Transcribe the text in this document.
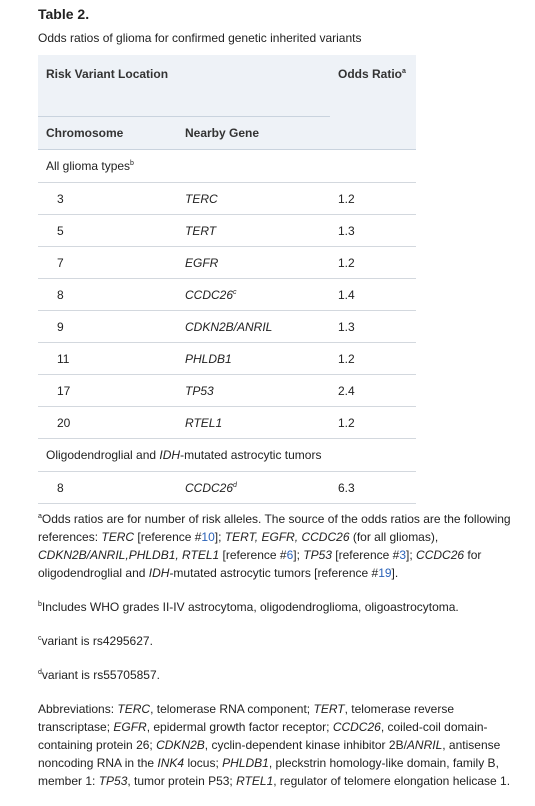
Table 2.
Odds ratios of glioma for confirmed genetic inherited variants
Risk Variant Location	Odds Ratio$^a$
Chromosome	Nearby Gene
All glioma types$^b$
3	TERC	1.2
5	TERT	1.3
7	EGFR	1.2
8	CCDC26$^c$	1.4
9	CDKN2B/ANRIL	1.3
11	PHLDB1	1.2
17	TP53	2.4
20	RTEL1	1.2
Oligodendroglial and IDH-mutated astrocytic tumors
8	CCDC26$^d$	6.3

$^a$Odds ratios are for number of risk alleles. The source of the odds ratios are the following references: TERC [reference #10]; TERT, EGFR, CCDC26 (for all gliomas), CDKN2B/ANRIL,PHLDB1, RTEL1 [reference #6]; TP53 [reference #3]; CCDC26 for oligodendroglial and IDH-mutated astrocytic tumors [reference #19].

$^b$Includes WHO grades II-IV astrocytoma, oligodendroglioma, oligoastrocytoma.

$^c$variant is rs4295627.

$^d$variant is rs55705857.

Abbreviations: TERC, telomerase RNA component; TERT, telomerase reverse transcriptase; EGFR, epidermal growth factor receptor; CCDC26, coiled-coil domain-containing protein 26; CDKN2B, cyclin-dependent kinase inhibitor 2B/ANRIL, antisense noncoding RNA in the INK4 locus; PHLDB1, pleckstrin homology-like domain, family B, member 1: TP53, tumor protein P53; RTEL1, regulator of telomere elongation helicase 1.
